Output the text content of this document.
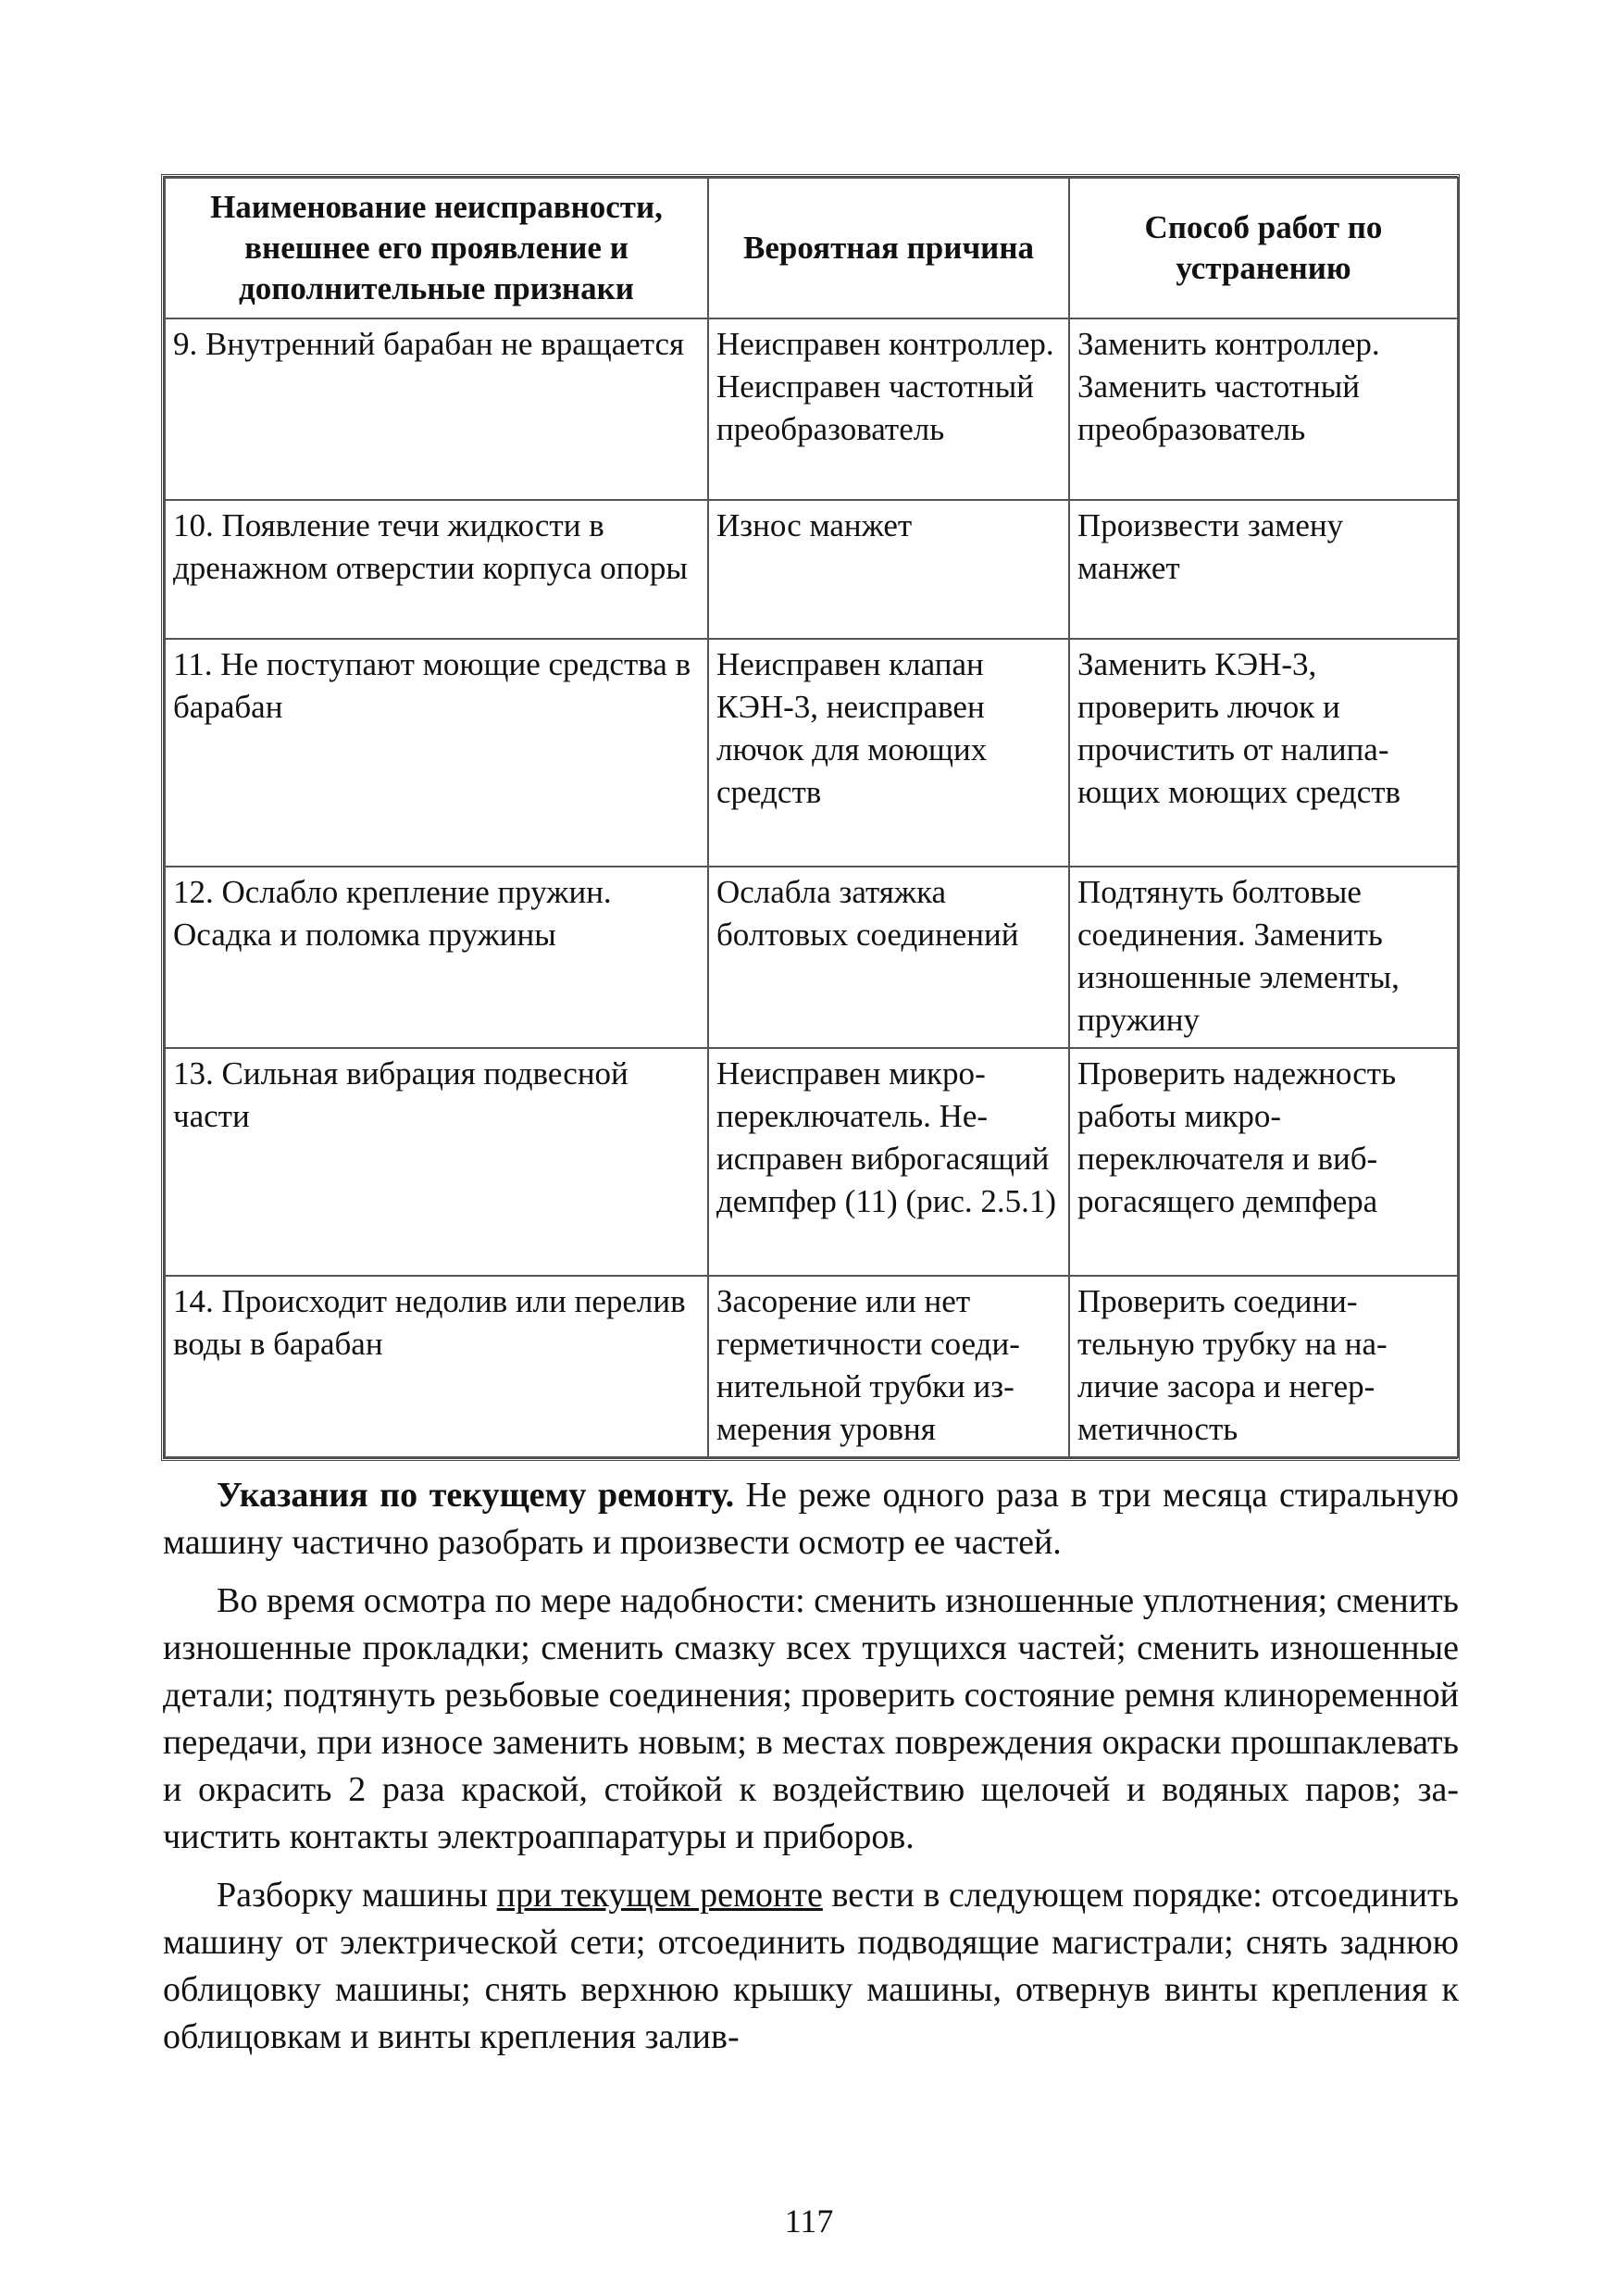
Наименование неисправности, внешнее его проявление и дополнительные признаки	Вероятная причина	Способ работ по устранению
9. Внутренний барабан не вращается	Неисправен контроллер. Неисправен частотный преобразователь	Заменить контроллер. Заменить частотный преобразователь
10. Появление течи жидкости в дренажном отверстии корпуса опоры	Износ манжет	Произвести замену манжет
11. Не поступают моющие средства в барабан	Неисправен клапан КЭН-3, неисправен лючок для моющих средств	Заменить КЭН-3, проверить лючок и прочистить от налипающих моющих средств
12. Ослабло крепление пружин. Осадка и поломка пружины	Ослабла затяжка болтовых соединений	Подтянуть болтовые соединения. Заменить изношенные элементы, пружину
13. Сильная вибрация подвесной части	Неисправен микропереключатель. Неисправен виброгасящий демпфер (11) (рис. 2.5.1)	Проверить надежность работы микропереключателя и виброгасящего демпфера
14. Происходит недолив или перелив воды в барабан	Засорение или нет герметичности соединительной трубки измерения уровня	Проверить соединительную трубку на наличие засора и негерметичность

Указания по текущему ремонту. Не реже одного раза в три месяца стиральную машину частично разобрать и произвести осмотр ее частей.

Во время осмотра по мере надобности: сменить изношенные уплотнения; сменить изношенные прокладки; сменить смазку всех трущихся частей; сменить изношенные детали; подтянуть резьбовые соединения; проверить состояние ремня клиноременной передачи, при износе заменить новым; в местах повреждения окраски прошпаклевать и окрасить 2 раза краской, стойкой к воздействию щелочей и водяных паров; зачистить контакты электроаппаратуры и приборов.

Разборку машины при текущем ремонте вести в следующем порядке: отсоединить машину от электрической сети; отсоединить подводящие магистрали; снять заднюю облицовку машины; снять верхнюю крышку машины, отвернув винты крепления к облицовкам и винты крепления залив-

117
